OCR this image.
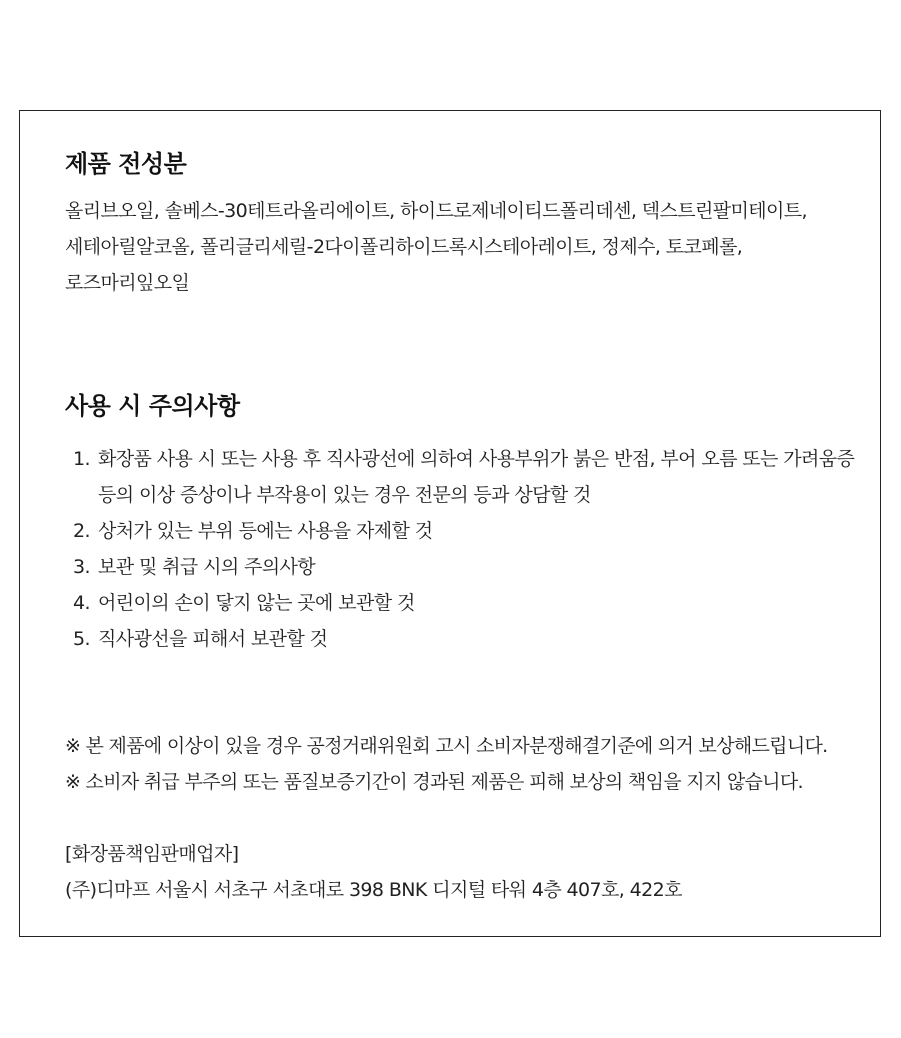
제품 전성분

올리브오일, 솔베스-30테트라올리에이트, 하이드로제네이티드폴리데센, 덱스트린팔미테이트, 세테아릴알코올, 폴리글리세릴-2다이폴리하이드록시스테아레이트, 정제수, 토코페롤, 로즈마리잎오일

사용 시 주의사항
1. 화장품 사용 시 또는 사용 후 직사광선에 의하여 사용부위가 붉은 반점, 부어 오름 또는 가려움증 등의 이상 증상이나 부작용이 있는 경우 전문의 등과 상담할 것
2. 상처가 있는 부위 등에는 사용을 자제할 것
3. 보관 및 취급 시의 주의사항
4. 어린이의 손이 닿지 않는 곳에 보관할 것
5. 직사광선을 피해서 보관할 것
※ 본 제품에 이상이 있을 경우 공정거래위원회 고시 소비자분쟁해결기준에 의거 보상해드립니다.
※ 소비자 취급 부주의 또는 품질보증기간이 경과된 제품은 피해 보상의 책임을 지지 않습니다.
[화장품책임판매업자]
(주)디마프 서울시 서초구 서초대로 398 BNK 디지털 타워 4층 407호, 422호
